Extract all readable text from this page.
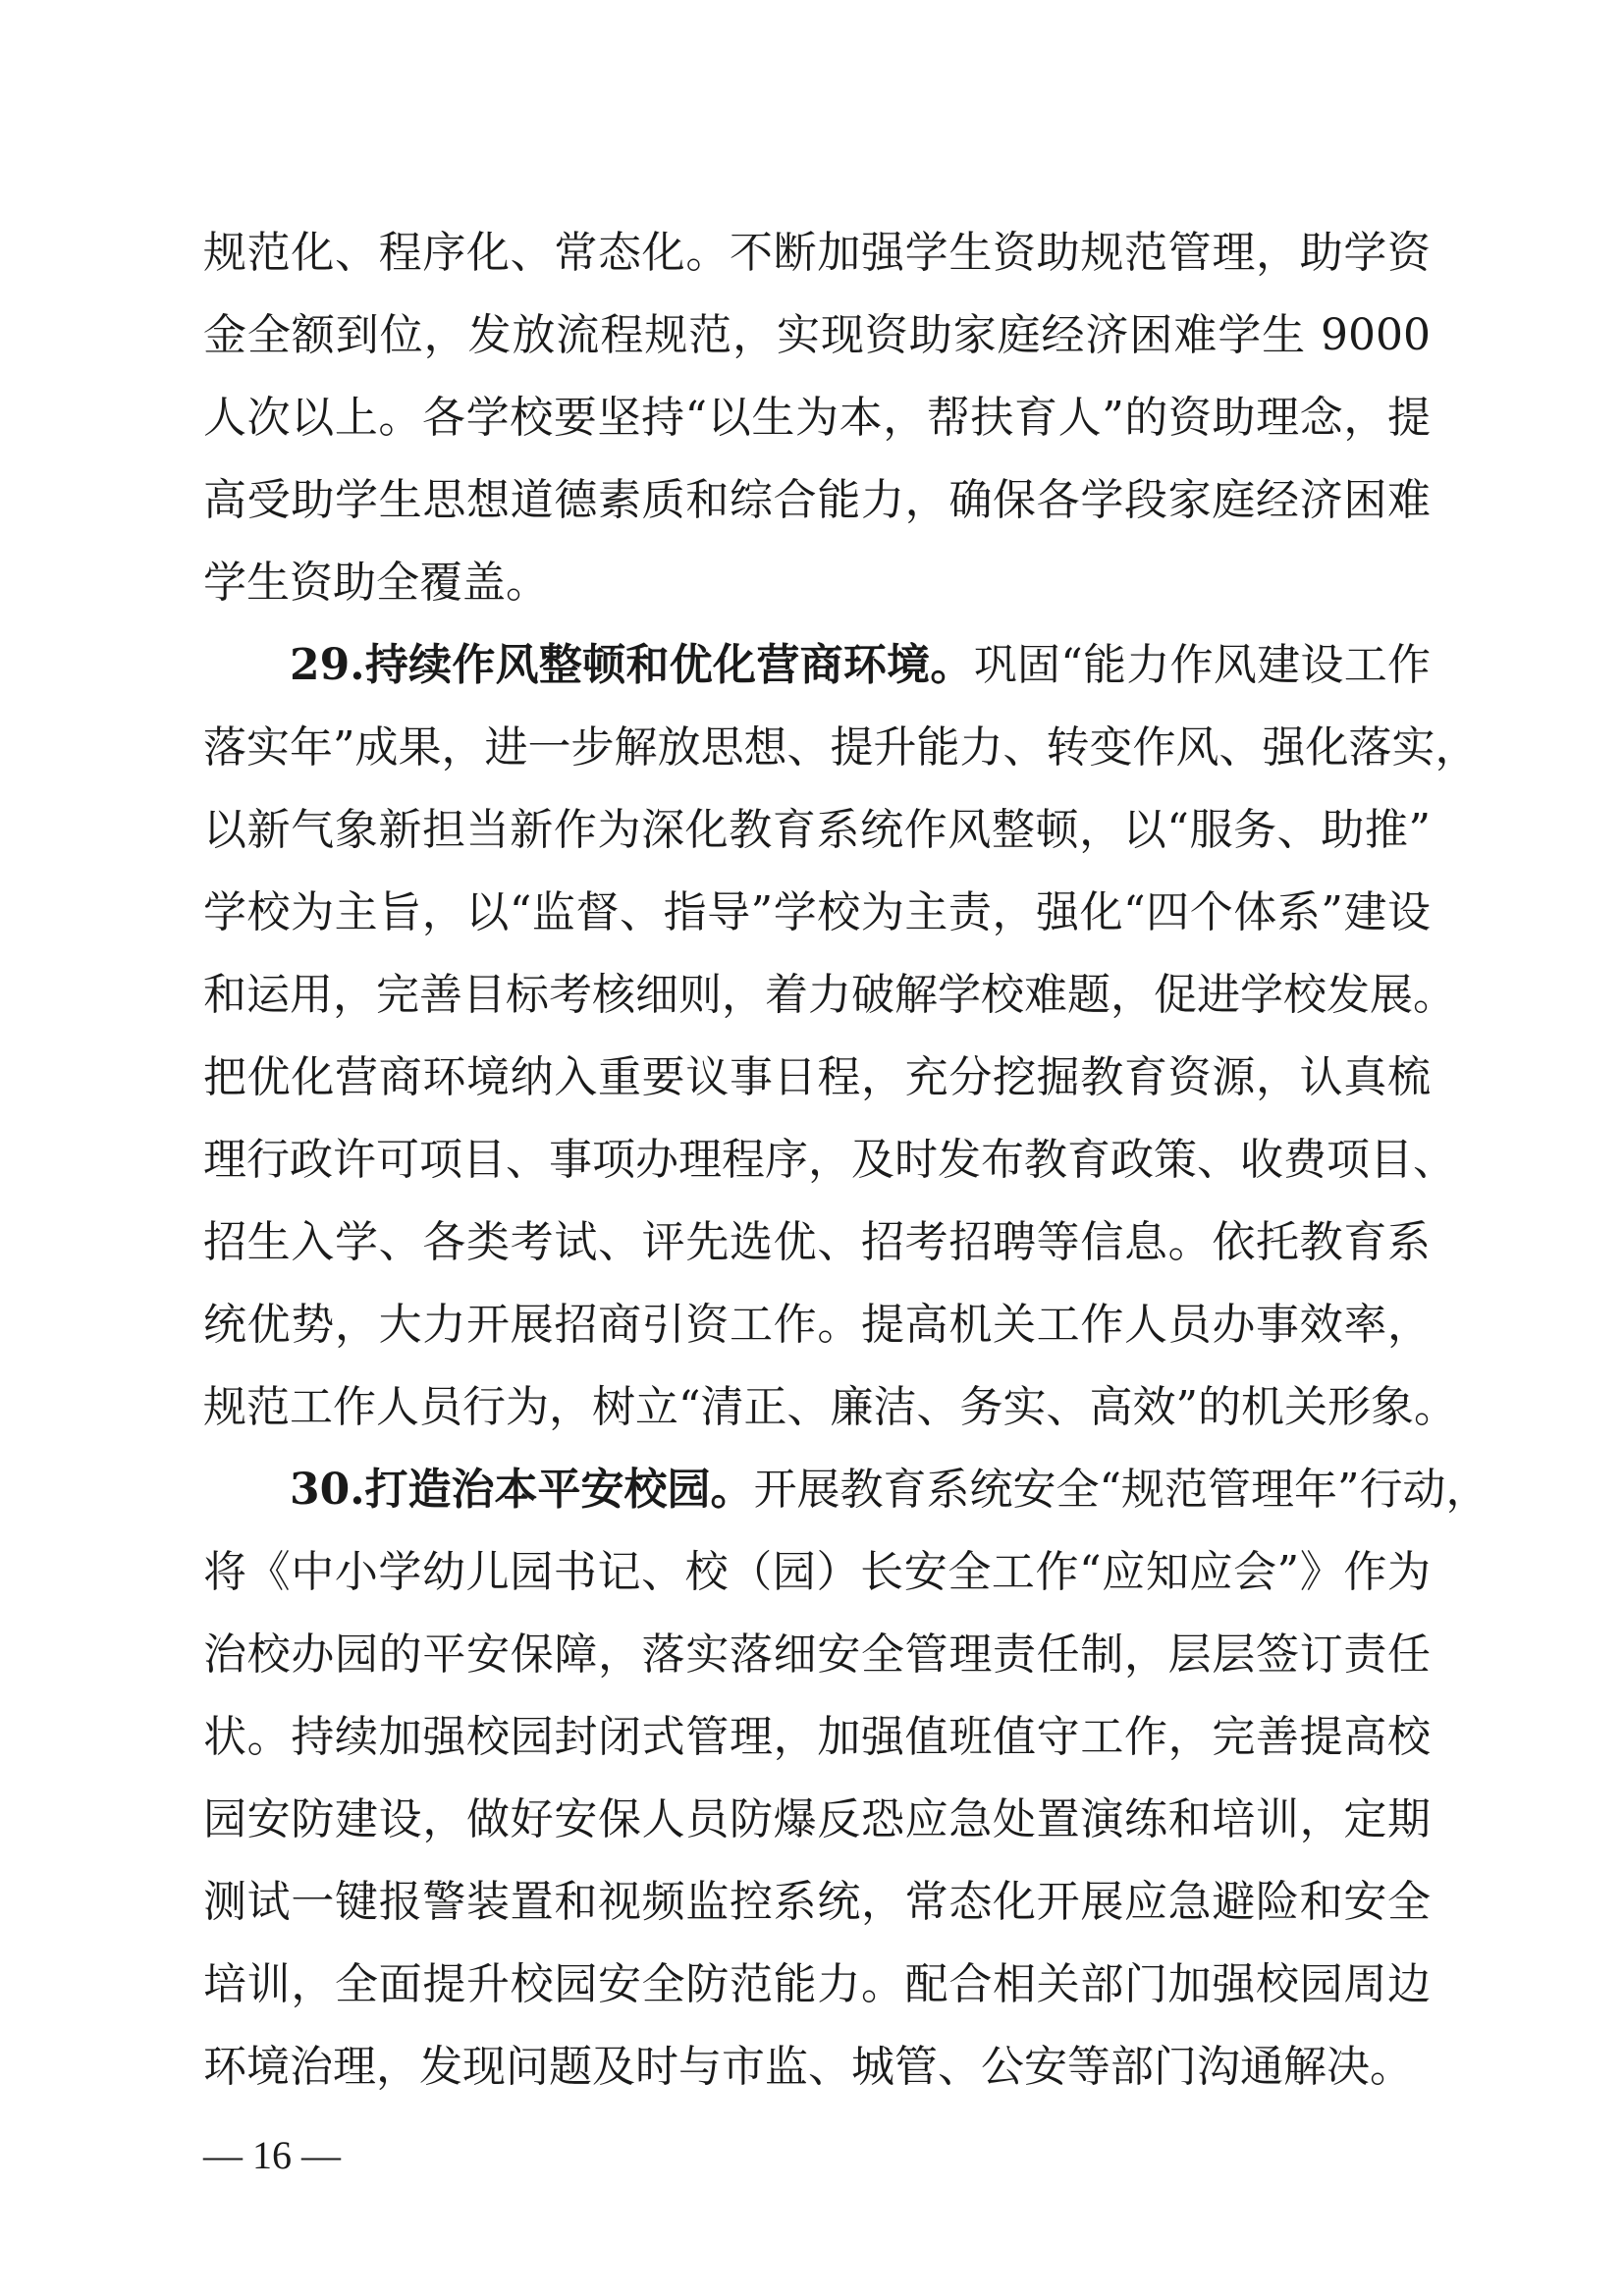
规范化、程序化、常态化。不断加强学生资助规范管理，助学资
金全额到位，发放流程规范，实现资助家庭经济困难学生 9000
人次以上。各学校要坚持“以生为本，帮扶育人”的资助理念，提
高受助学生思想道德素质和综合能力，确保各学段家庭经济困难
学生资助全覆盖。
29.持续作风整顿和优化营商环境。巩固“能力作风建设工作
落实年”成果，进一步解放思想、提升能力、转变作风、强化落实，
以新气象新担当新作为深化教育系统作风整顿，以“服务、助推”
学校为主旨，以“监督、指导”学校为主责，强化“四个体系”建设
和运用，完善目标考核细则，着力破解学校难题，促进学校发展。
把优化营商环境纳入重要议事日程，充分挖掘教育资源，认真梳
理行政许可项目、事项办理程序，及时发布教育政策、收费项目、
招生入学、各类考试、评先选优、招考招聘等信息。依托教育系
统优势，大力开展招商引资工作。提高机关工作人员办事效率，
规范工作人员行为，树立“清正、廉洁、务实、高效”的机关形象。
30.打造治本平安校园。开展教育系统安全“规范管理年”行动，
将《中小学幼儿园书记、校（园）长安全工作“应知应会”》作为
治校办园的平安保障，落实落细安全管理责任制，层层签订责任
状。持续加强校园封闭式管理，加强值班值守工作，完善提高校
园安防建设，做好安保人员防爆反恐应急处置演练和培训，定期
测试一键报警装置和视频监控系统，常态化开展应急避险和安全
培训，全面提升校园安全防范能力。配合相关部门加强校园周边
环境治理，发现问题及时与市监、城管、公安等部门沟通解决。
— 16 —
